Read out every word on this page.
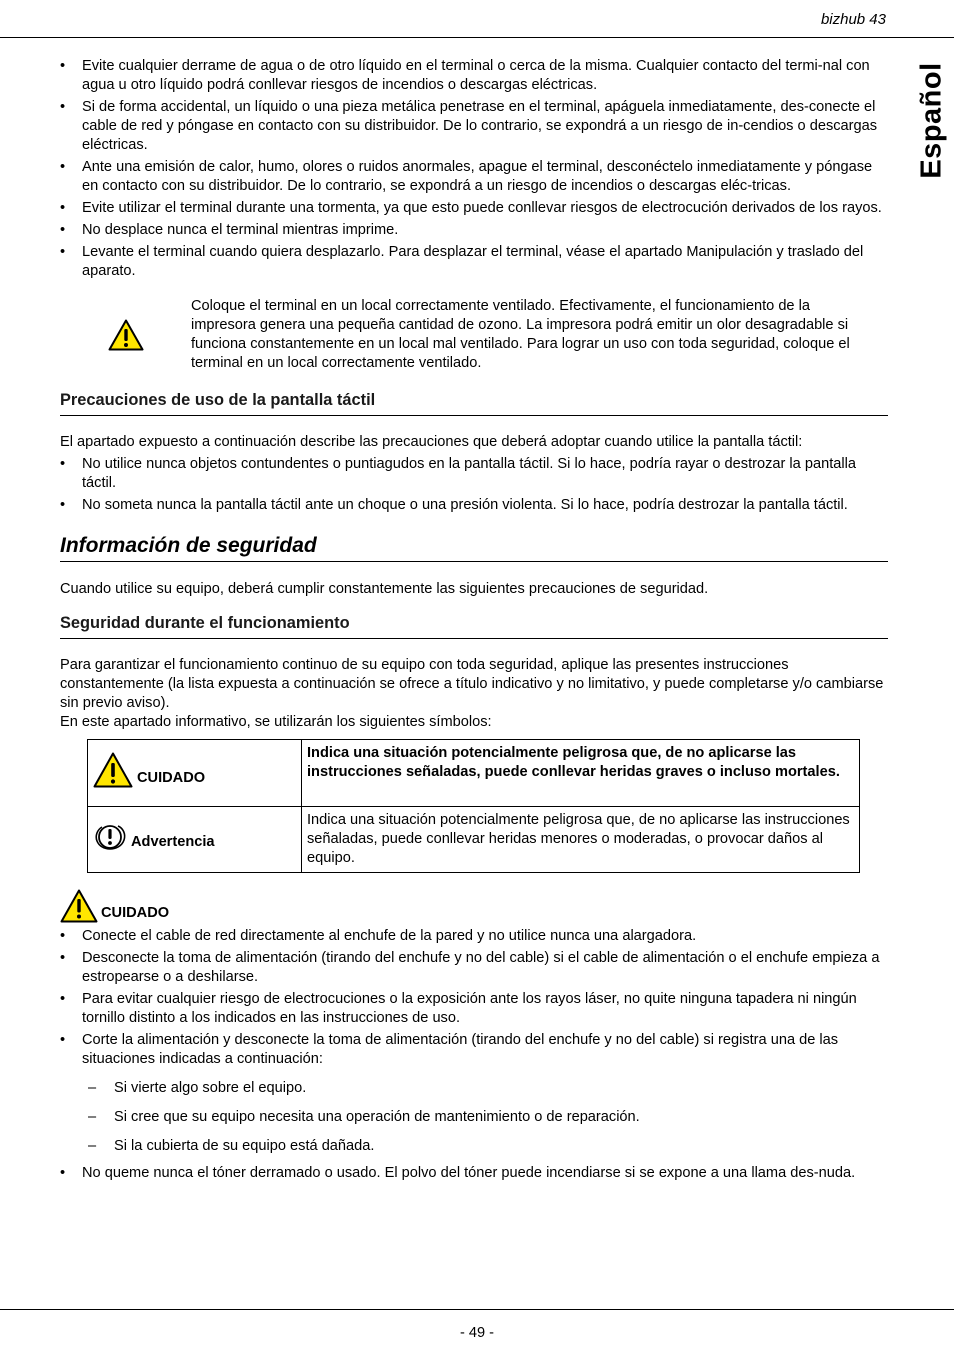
bizhub 43
Español
• Evite cualquier derrame de agua o de otro líquido en el terminal o cerca de la misma. Cualquier contacto del termi-nal con agua u otro líquido podrá conllevar riesgos de incendios o descargas eléctricas.
• Si de forma accidental, un líquido o una pieza metálica penetrase en el terminal, apáguela inmediatamente, des-conecte el cable de red y póngase en contacto con su distribuidor. De lo contrario, se expondrá a un riesgo de in-cendios o descargas eléctricas.
• Ante una emisión de calor, humo, olores o ruidos anormales, apague el terminal, desconéctelo inmediatamente y póngase en contacto con su distribuidor. De lo contrario, se expondrá a un riesgo de incendios o descargas eléc-tricas.
• Evite utilizar el terminal durante una tormenta, ya que esto puede conllevar riesgos de electrocución derivados de los rayos.
• No desplace nunca el terminal mientras imprime.
• Levante el terminal cuando quiera desplazarlo. Para desplazar el terminal, véase el apartado Manipulación y traslado del aparato.
Coloque el terminal en un local correctamente ventilado. Efectivamente, el funcionamiento de la impresora genera una pequeña cantidad de ozono. La impresora podrá emitir un olor desagradable si funciona constantemente en un local mal ventilado. Para lograr un uso con toda seguridad, coloque el terminal en un local correctamente ventilado.
Precauciones de uso de la pantalla táctil

El apartado expuesto a continuación describe las precauciones que deberá adoptar cuando utilice la pantalla táctil:

• No utilice nunca objetos contundentes o puntiagudos en la pantalla táctil. Si lo hace, podría rayar o destrozar la pantalla táctil.
• No someta nunca la pantalla táctil ante un choque o una presión violenta. Si lo hace, podría destrozar la pantalla táctil.
Información de seguridad

Cuando utilice su equipo, deberá cumplir constantemente las siguientes precauciones de seguridad.

Seguridad durante el funcionamiento

Para garantizar el funcionamiento continuo de su equipo con toda seguridad, aplique las presentes instrucciones constantemente (la lista expuesta a continuación se ofrece a título indicativo y no limitativo, y puede completarse y/o cambiarse sin previo aviso).

En este apartado informativo, se utilizarán los siguientes símbolos:

CUIDADO	Indica una situación potencialmente peligrosa que, de no aplicarse las instrucciones señaladas, puede conllevar heridas graves o incluso mortales.

Advertencia	Indica una situación potencialmente peligrosa que, de no aplicarse las instrucciones señaladas, puede conllevar heridas menores o moderadas, o provocar daños al equipo.
CUIDADO
• Conecte el cable de red directamente al enchufe de la pared y no utilice nunca una alargadora.
• Desconecte la toma de alimentación (tirando del enchufe y no del cable) si el cable de alimentación o el enchufe empieza a estropearse o a deshilarse.
• Para evitar cualquier riesgo de electrocuciones o la exposición ante los rayos láser, no quite ninguna tapadera ni ningún tornillo distinto a los indicados en las instrucciones de uso.
• Corte la alimentación y desconecte la toma de alimentación (tirando del enchufe y no del cable) si registra una de las situaciones indicadas a continuación:
– Si vierte algo sobre el equipo.
– Si cree que su equipo necesita una operación de mantenimiento o de reparación.
– Si la cubierta de su equipo está dañada.
• No queme nunca el tóner derramado o usado. El polvo del tóner puede incendiarse si se expone a una llama des-nuda.
- 49 -
